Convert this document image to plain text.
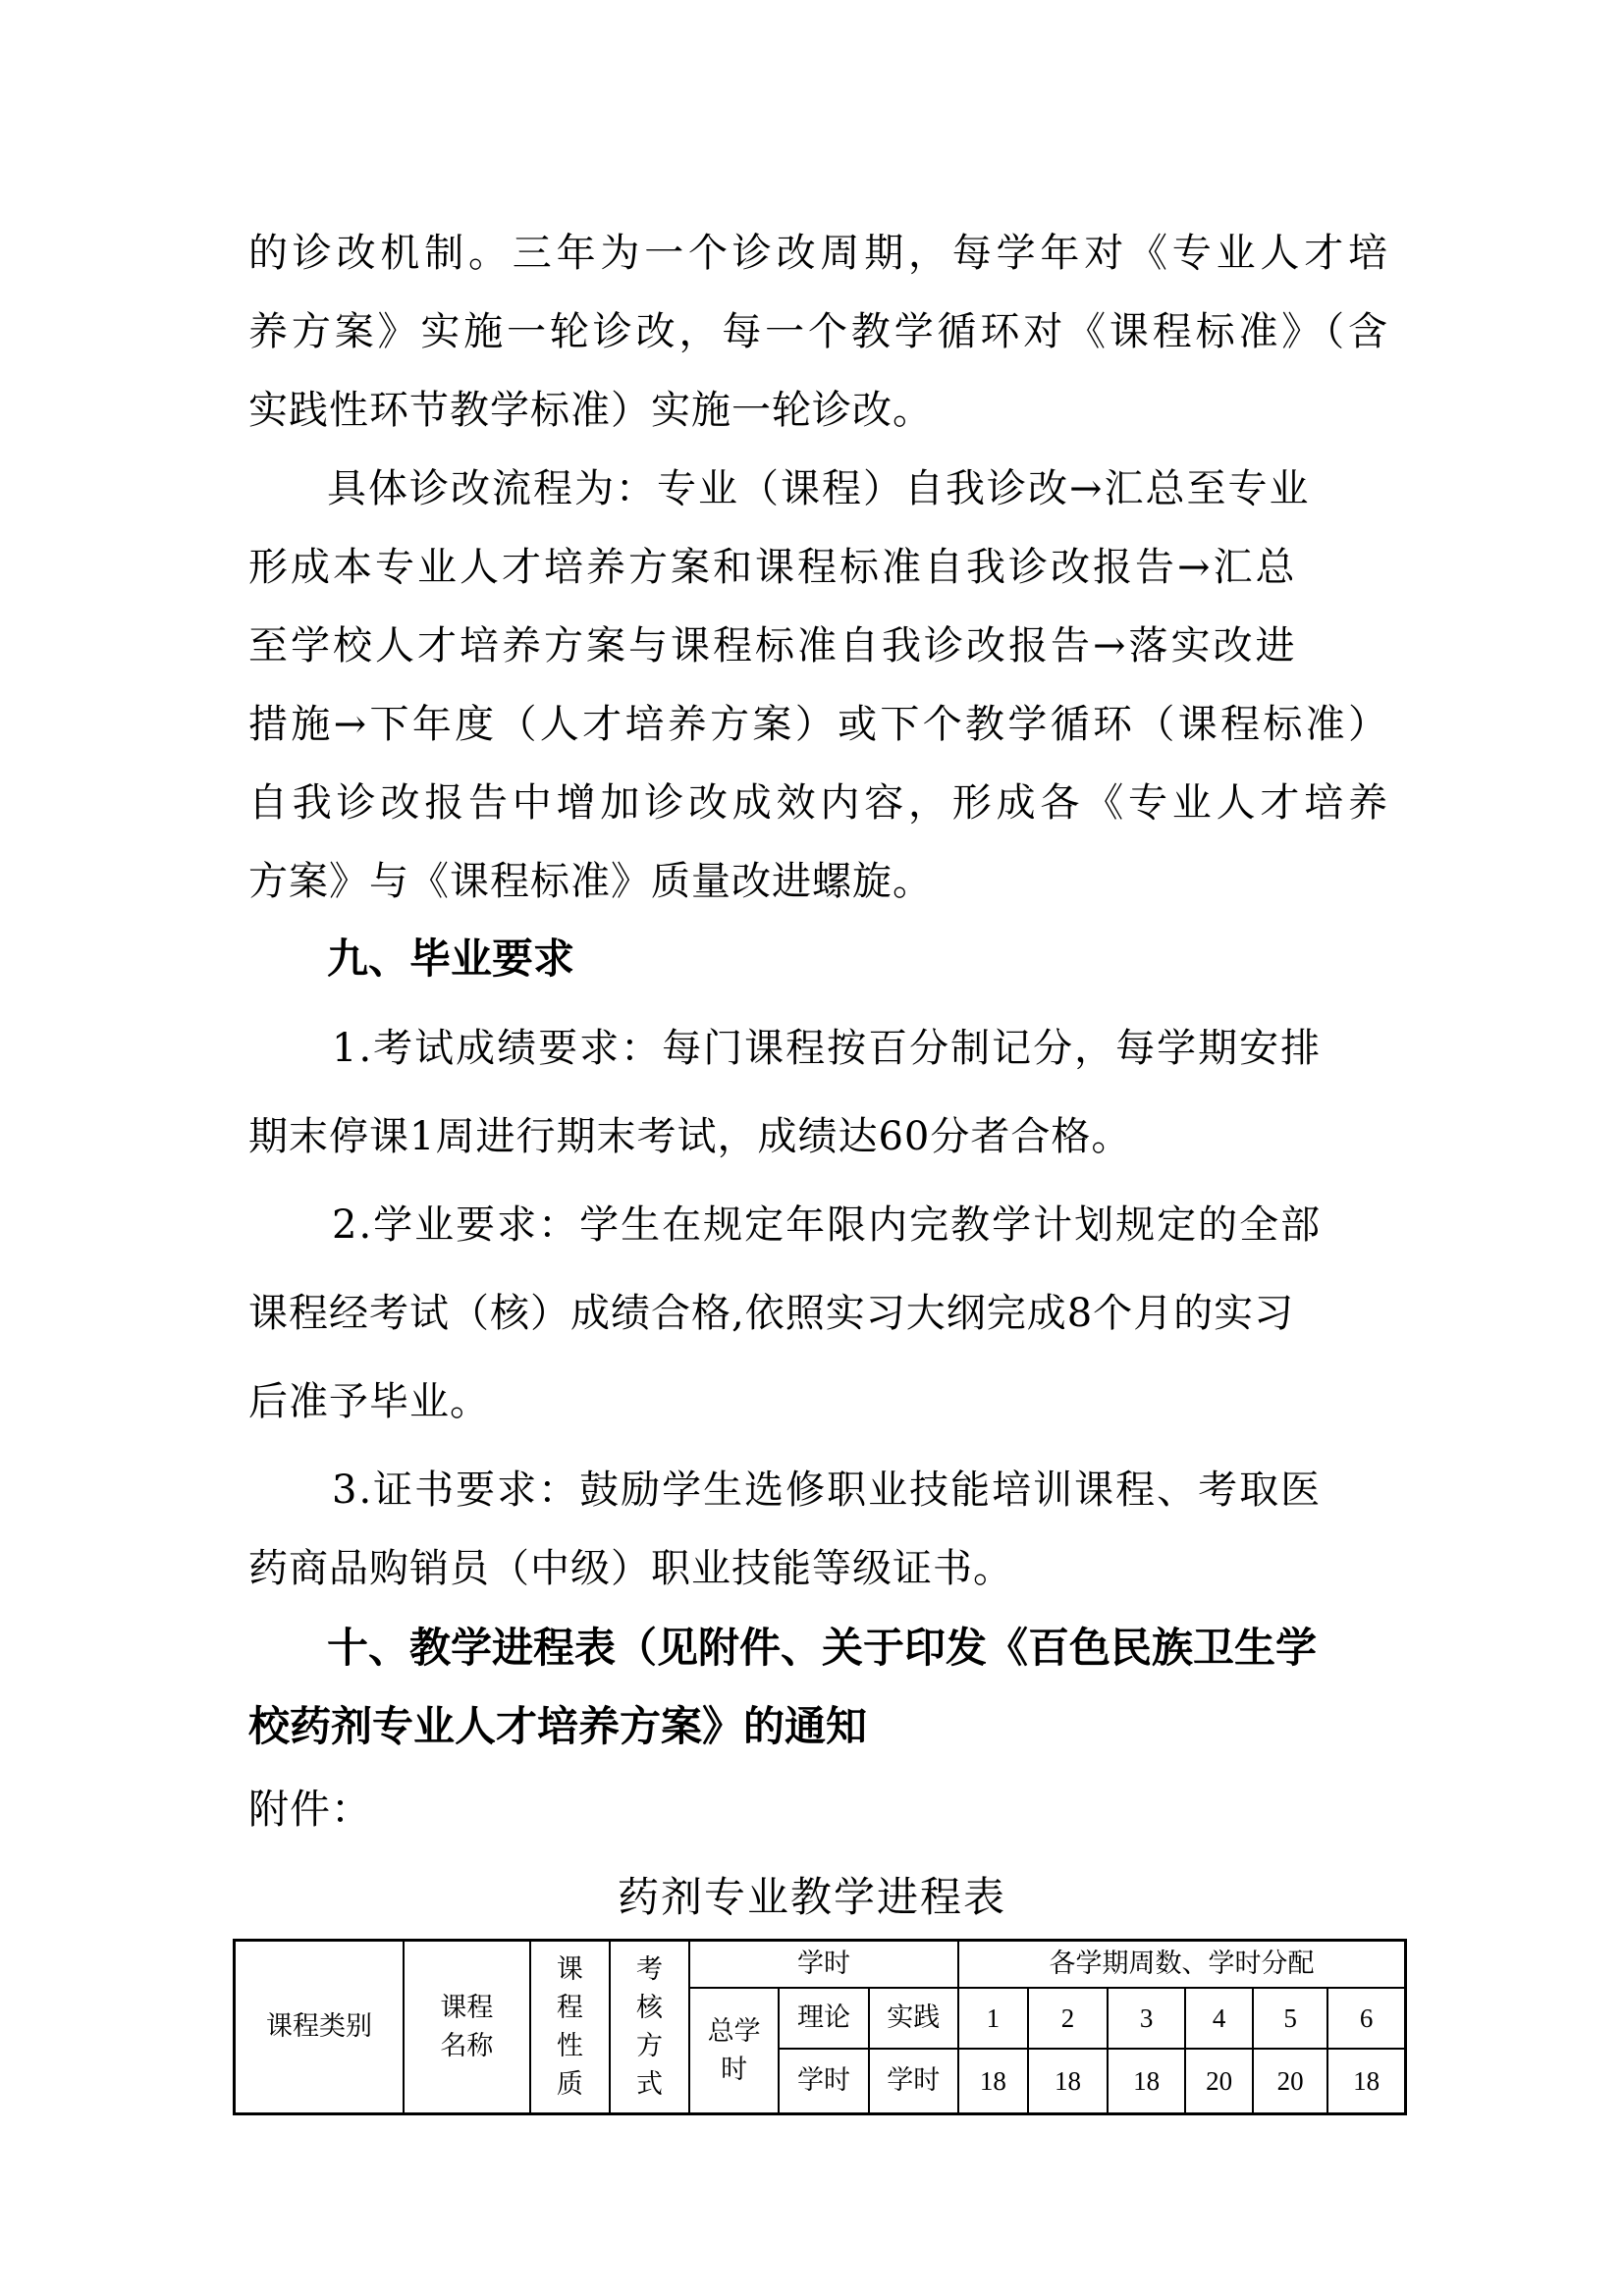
的诊改机制。三年为一个诊改周期，每学年对《专业人才培
养方案》实施一轮诊改，每一个教学循环对《课程标准》（含
实践性环节教学标准）实施一轮诊改。
具体诊改流程为：专业（课程）自我诊改→汇总至专业
形成本专业人才培养方案和课程标准自我诊改报告→汇总
至学校人才培养方案与课程标准自我诊改报告→落实改进
措施→下年度（人才培养方案）或下个教学循环（课程标准）
自我诊改报告中增加诊改成效内容，形成各《专业人才培养
方案》与《课程标准》质量改进螺旋。
九、毕业要求
1.考试成绩要求：每门课程按百分制记分，每学期安排
期末停课1周进行期末考试，成绩达60分者合格。
2.学业要求：学生在规定年限内完教学计划规定的全部
课程经考试（核）成绩合格,依照实习大纲完成8个月的实习
后准予毕业。
3.证书要求：鼓励学生选修职业技能培训课程、考取医
药商品购销员（中级）职业技能等级证书。
十、教学进程表（见附件、关于印发《百色民族卫生学
校药剂专业人才培养方案》的通知
附件：
药剂专业教学进程表
课程类别	课程名称	课程性质	考核方式	学时			各学期周数、学时分配					
				总学时	理论	实践	1	2	3	4	5	6
					学时	学时	18	18	18	20	20	18
